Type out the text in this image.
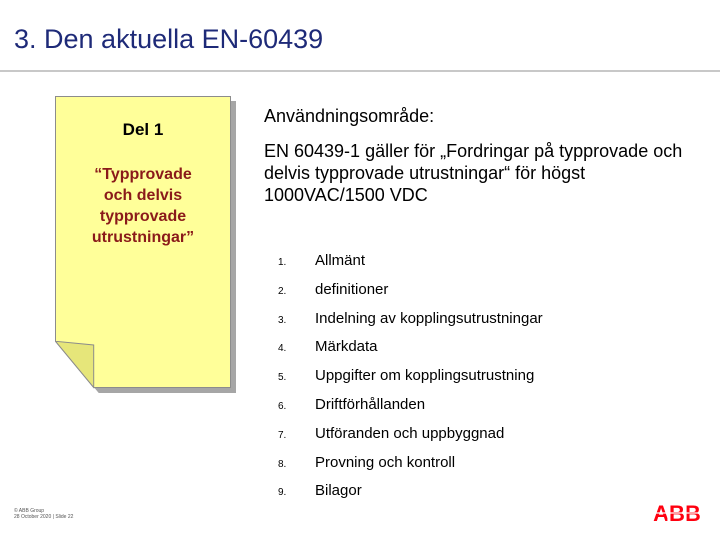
3. Den aktuella EN-60439
Del 1
“Typprovade
och delvis
typprovade
utrustningar”
Användningsområde:
EN 60439-1 gäller för „Fordringar på typprovade och delvis typprovade utrustningar“ för högst 1000VAC/1500 VDC
1.	Allmänt
2.	definitioner
3.	Indelning av kopplingsutrustningar
4.	Märkdata
5.	Uppgifter om kopplingsutrustning
6.	Driftförhållanden
7.	Utföranden och uppbyggnad
8.	Provning och kontroll
9.	Bilagor
© ABB Group
28 October 2020 | Slide 22	ABB
